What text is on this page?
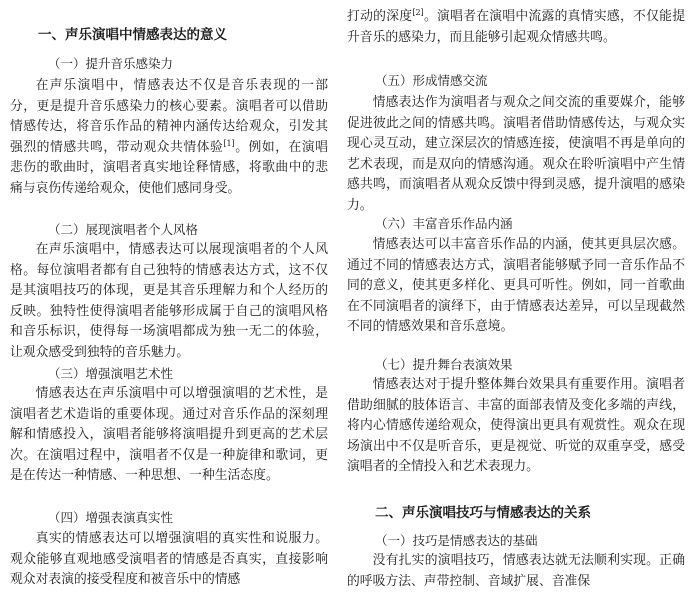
一、声乐演唱中情感表达的意义
（一）提升音乐感染力

在声乐演唱中，情感表达不仅是音乐表现的一部分，更是提升音乐感染力的核心要素。演唱者可以借助情感传达，将音乐作品的精神内涵传达给观众，引发其强烈的情感共鸣，带动观众共情体验[1]。例如，在演唱悲伤的歌曲时，演唱者真实地诠释情感，将歌曲中的悲痛与哀伤传递给观众，使他们感同身受。

（二）展现演唱者个人风格

在声乐演唱中，情感表达可以展现演唱者的个人风格。每位演唱者都有自己独特的情感表达方式，这不仅是其演唱技巧的体现，更是其音乐理解力和个人经历的反映。独特性使得演唱者能够形成属于自己的演唱风格和音乐标识，使得每一场演唱都成为独一无二的体验，让观众感受到独特的音乐魅力。

（三）增强演唱艺术性

情感表达在声乐演唱中可以增强演唱的艺术性，是演唱者艺术造诣的重要体现。通过对音乐作品的深刻理解和情感投入，演唱者能够将演唱提升到更高的艺术层次。在演唱过程中，演唱者不仅是一种旋律和歌词，更是在传达一种情感、一种思想、一种生活态度。

（四）增强表演真实性

真实的情感表达可以增强演唱的真实性和说服力。观众能够直观地感受演唱者的情感是否真实，直接影响观众对表演的接受程度和被音乐中的情感

打动的深度[2]。演唱者在演唱中流露的真情实感，不仅能提升音乐的感染力，而且能够引起观众情感共鸣。

（五）形成情感交流

情感表达作为演唱者与观众之间交流的重要媒介，能够促进彼此之间的情感共鸣。演唱者借助情感传达，与观众实现心灵互动，建立深层次的情感连接，使演唱不再是单向的艺术表现，而是双向的情感沟通。观众在聆听演唱中产生情感共鸣，而演唱者从观众反馈中得到灵感，提升演唱的感染力。

（六）丰富音乐作品内涵

情感表达可以丰富音乐作品的内涵，使其更具层次感。通过不同的情感表达方式，演唱者能够赋予同一音乐作品不同的意义，使其更多样化、更具可听性。例如，同一首歌曲在不同演唱者的演绎下，由于情感表达差异，可以呈现截然不同的情感效果和音乐意境。

（七）提升舞台表演效果

情感表达对于提升整体舞台效果具有重要作用。演唱者借助细腻的肢体语言、丰富的面部表情及变化多端的声线，将内心情感传递给观众，使得演出更具有观赏性。观众在现场演出中不仅是听音乐，更是视觉、听觉的双重享受，感受演唱者的全情投入和艺术表现力。

二、声乐演唱技巧与情感表达的关系
（一）技巧是情感表达的基础

没有扎实的演唱技巧，情感表达就无法顺利实现。正确的呼吸方法、声带控制、音域扩展、音准保
